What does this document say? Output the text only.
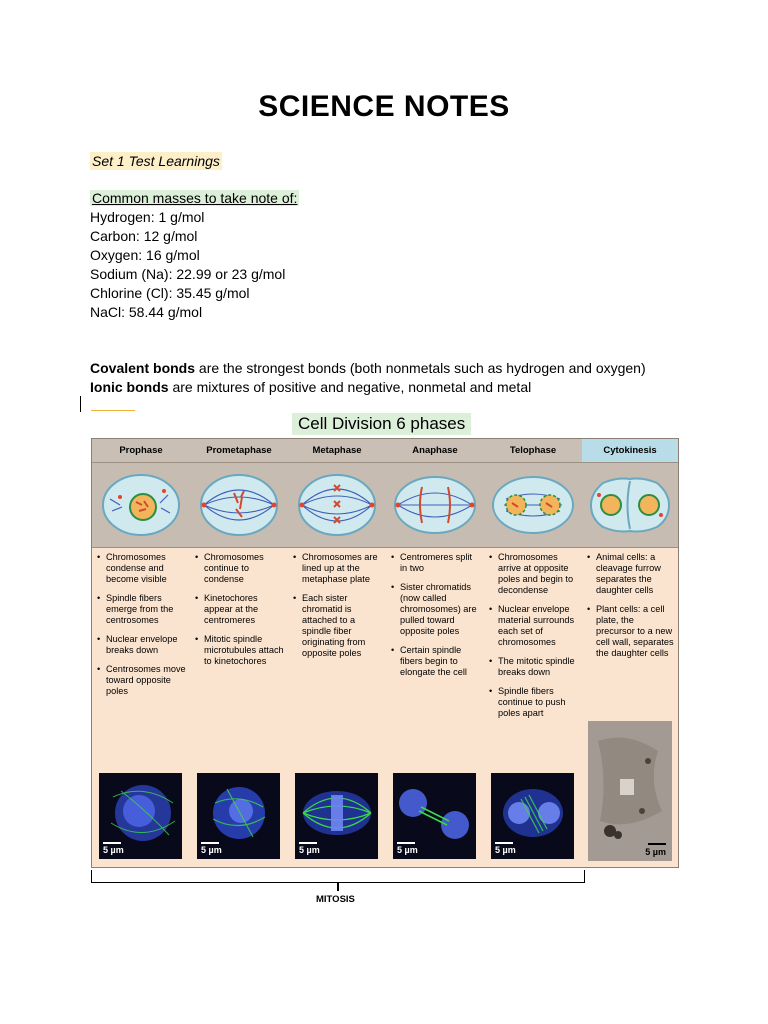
SCIENCE NOTES
Set 1 Test Learnings
Common masses to take note of:
Hydrogen: 1 g/mol
Carbon: 12 g/mol
Oxygen: 16 g/mol
Sodium (Na): 22.99 or 23 g/mol
Chlorine (Cl): 35.45 g/mol
NaCl: 58.44 g/mol
Covalent bonds are the strongest bonds (both nonmetals such as hydrogen and oxygen)
Ionic bonds are mixtures of positive and negative, nonmetal and metal
Cell Division 6 phases
Prophase
• Chromosomes condense and become visible
• Spindle fibers emerge from the centrosomes
• Nuclear envelope breaks down
• Centrosomes move toward opposite poles
5 µm
Prometaphase
• Chromosomes continue to condense
• Kinetochores appear at the centromeres
• Mitotic spindle microtubules attach to kinetochores
5 µm
Metaphase
• Chromosomes are lined up at the metaphase plate
• Each sister chromatid is attached to a spindle fiber originating from opposite poles
5 µm
Anaphase
• Centromeres split in two
• Sister chromatids (now called chromosomes) are pulled toward opposite poles
• Certain spindle fibers begin to elongate the cell
5 µm
Telophase
• Chromosomes arrive at opposite poles and begin to decondense
• Nuclear envelope material surrounds each set of chromosomes
• The mitotic spindle breaks down
• Spindle fibers continue to push poles apart
5 µm
Cytokinesis
• Animal cells: a cleavage furrow separates the daughter cells
• Plant cells: a cell plate, the precursor to a new cell wall, separates the daughter cells
5 µm
MITOSIS
